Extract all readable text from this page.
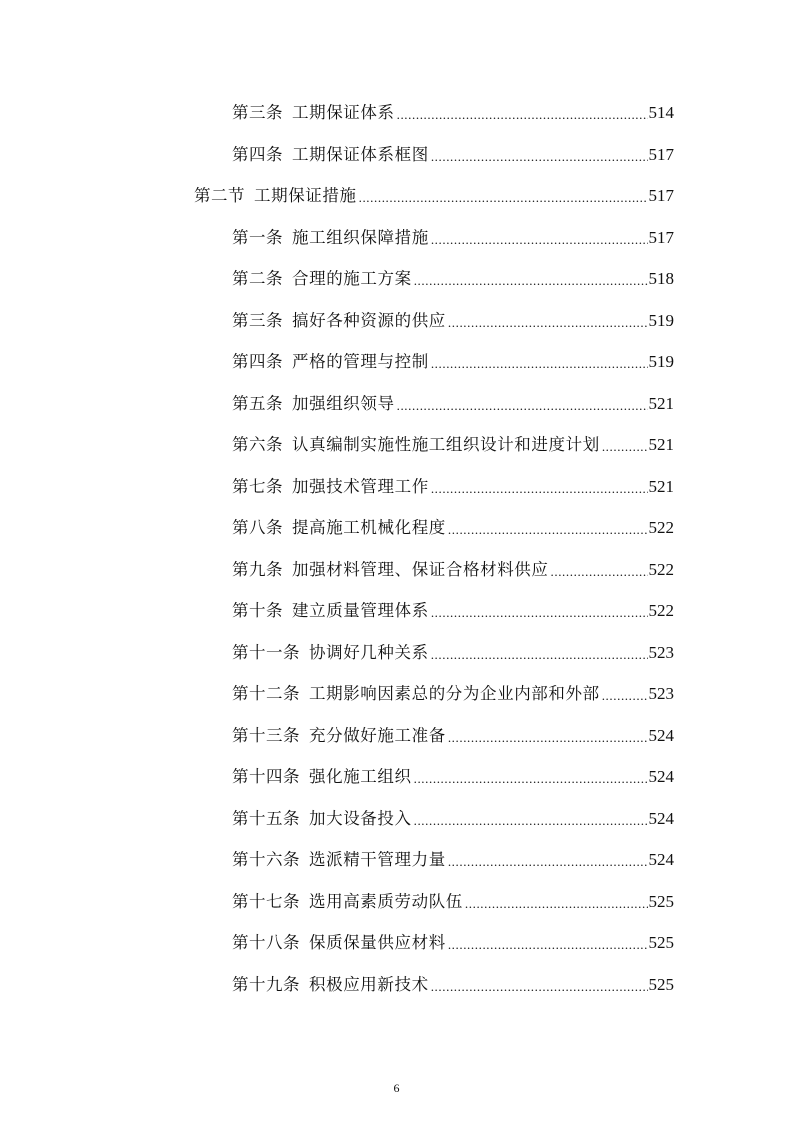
第三条 工期保证体系 .....	514
第四条 工期保证体系框图 .....	517
第二节 工期保证措施 .....	517
第一条 施工组织保障措施 .....	517
第二条 合理的施工方案 .....	518
第三条 搞好各种资源的供应 .....	519
第四条 严格的管理与控制 .....	519
第五条 加强组织领导 .....	521
第六条 认真编制实施性施工组织设计和进度计划 .....	521
第七条 加强技术管理工作 .....	521
第八条 提高施工机械化程度 .....	522
第九条 加强材料管理、保证合格材料供应 .....	522
第十条 建立质量管理体系 .....	522
第十一条 协调好几种关系 .....	523
第十二条 工期影响因素总的分为企业内部和外部 .....	523
第十三条 充分做好施工准备 .....	524
第十四条 强化施工组织 .....	524
第十五条 加大设备投入 .....	524
第十六条 选派精干管理力量 .....	524
第十七条 选用高素质劳动队伍 .....	525
第十八条 保质保量供应材料 .....	525
第十九条 积极应用新技术 .....	525
6
